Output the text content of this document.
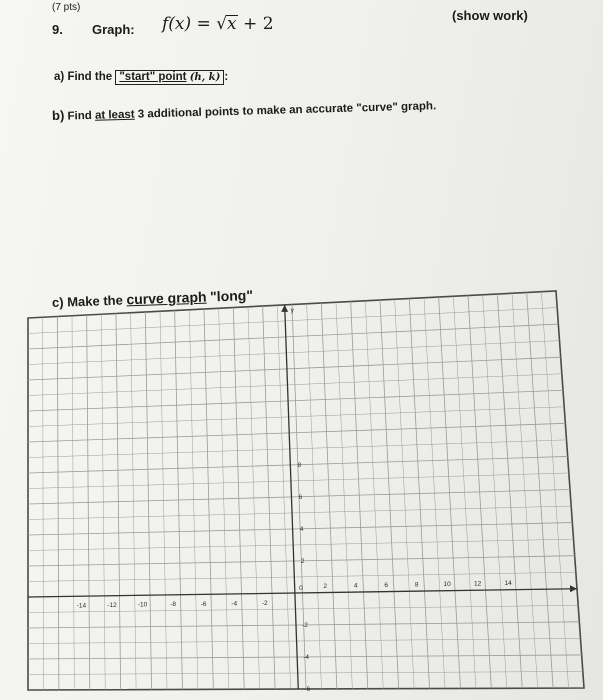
(7 pts)
9. Graph: f(x) = √x + 2	(show work)
a) Find the "start" point (h, k) :
b) Find at least 3 additional points to make an accurate "curve" graph.
c) Make the curve graph "long"
-14	-12	-10	-8	-6	-4	-2
2	4	6	8	10	12	14
8
6
4
2
-2
-4
-6
0
y
